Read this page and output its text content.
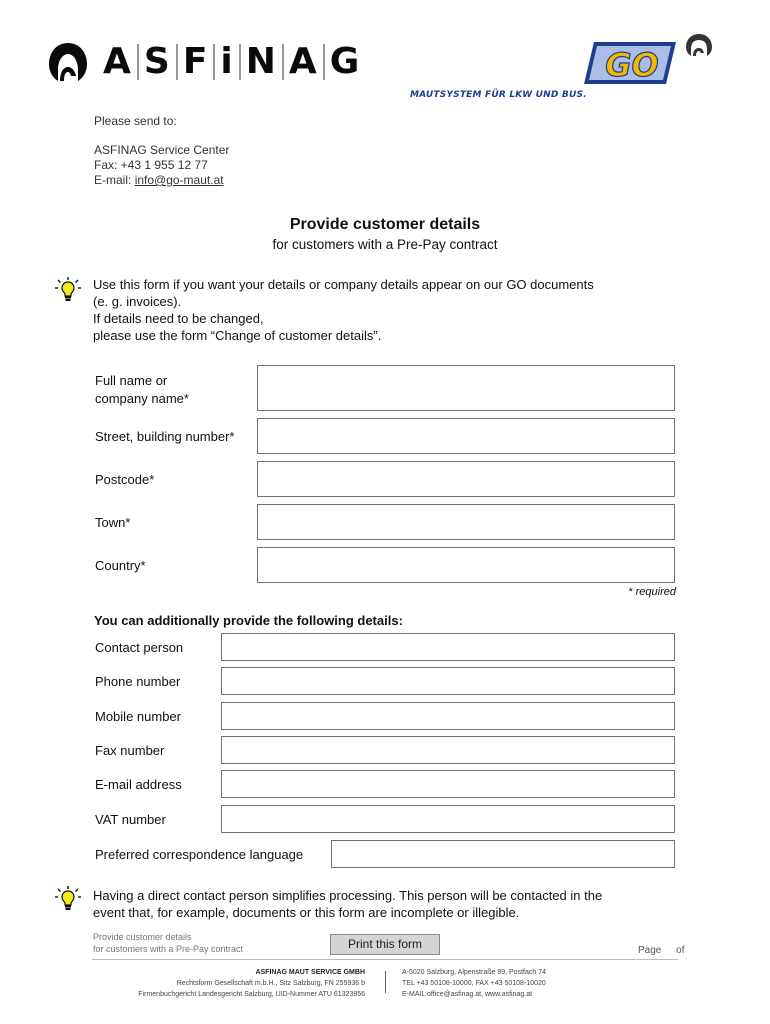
A S F i N A G	GO
MAUTSYSTEM FÜR LKW UND BUS.
Please send to:
ASFINAG Service Center
Fax: +43 1 955 12 77
E-mail: info@go-maut.at
Provide customer details
for customers with a Pre-Pay contract
Use this form if you want your details or company details appear on our GO documents
(e. g. invoices).
If details need to be changed,
please use the form “Change of customer details”.
Full name or
company name*
Street, building number*
Postcode*
Town*
Country*
* required
You can additionally provide the following details:
Contact person
Phone number
Mobile number
Fax number
E-mail address
VAT number
Preferred correspondence language
Having a direct contact person simplifies processing. This person will be contacted in the
event that, for example, documents or this form are incomplete or illegible.
Provide customer details
for customers with a Pre-Pay contract	Print this form	Page of
ASFINAG MAUT SERVICE GMBH
Rechtsform Gesellschaft m.b.H., Sitz Salzburg, FN 255936 b
Firmenbuchgericht Landesgericht Salzburg, UID-Nummer ATU 61323856
A-5020 Salzburg, Alpenstraße 99, Postfach 74
TEL +43 50108-10000, FAX +43 50108-10020
E-MAIL office@asfinag.at, www.asfinag.at
